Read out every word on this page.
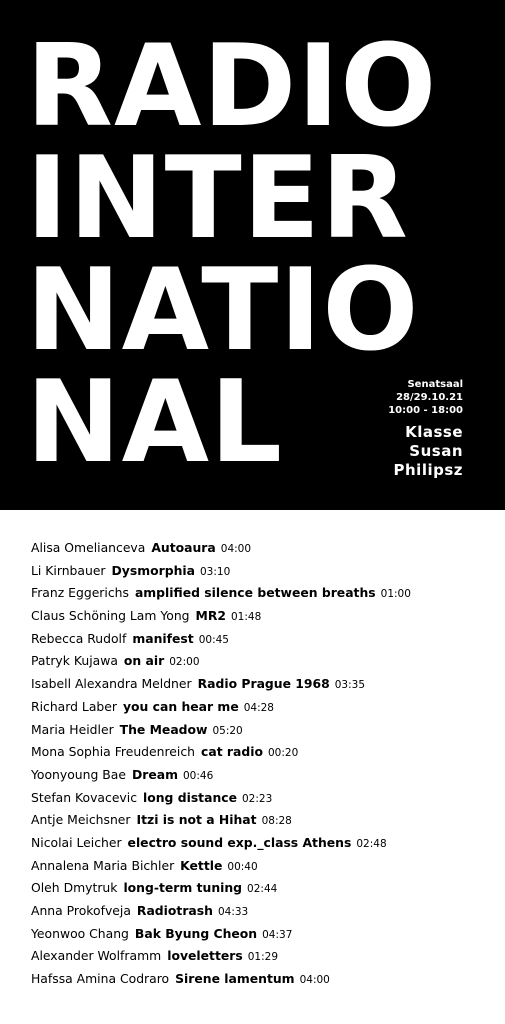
RADIO
INTER
NATIO
NAL	Senatsaal
28/29.10.21
10:00 - 18:00
Klasse
Susan
Philipsz
Alisa Omelianceva Autoaura 04:00
Li Kirnbauer Dysmorphia 03:10
Franz Eggerichs amplified silence between breaths 01:00
Claus Schöning Lam Yong MR2 01:48
Rebecca Rudolf manifest 00:45
Patryk Kujawa on air 02:00
Isabell Alexandra Meldner Radio Prague 1968 03:35
Richard Laber you can hear me 04:28
Maria Heidler The Meadow 05:20
Mona Sophia Freudenreich cat radio 00:20
Yoonyoung Bae Dream 00:46
Stefan Kovacevic long distance 02:23
Antje Meichsner Itzi is not a Hihat 08:28
Nicolai Leicher electro sound exp._class Athens 02:48
Annalena Maria Bichler Kettle 00:40
Oleh Dmytruk long-term tuning 02:44
Anna Prokofveja Radiotrash 04:33
Yeonwoo Chang Bak Byung Cheon 04:37
Alexander Wolframm loveletters 01:29
Hafssa Amina Codraro Sirene lamentum 04:00
